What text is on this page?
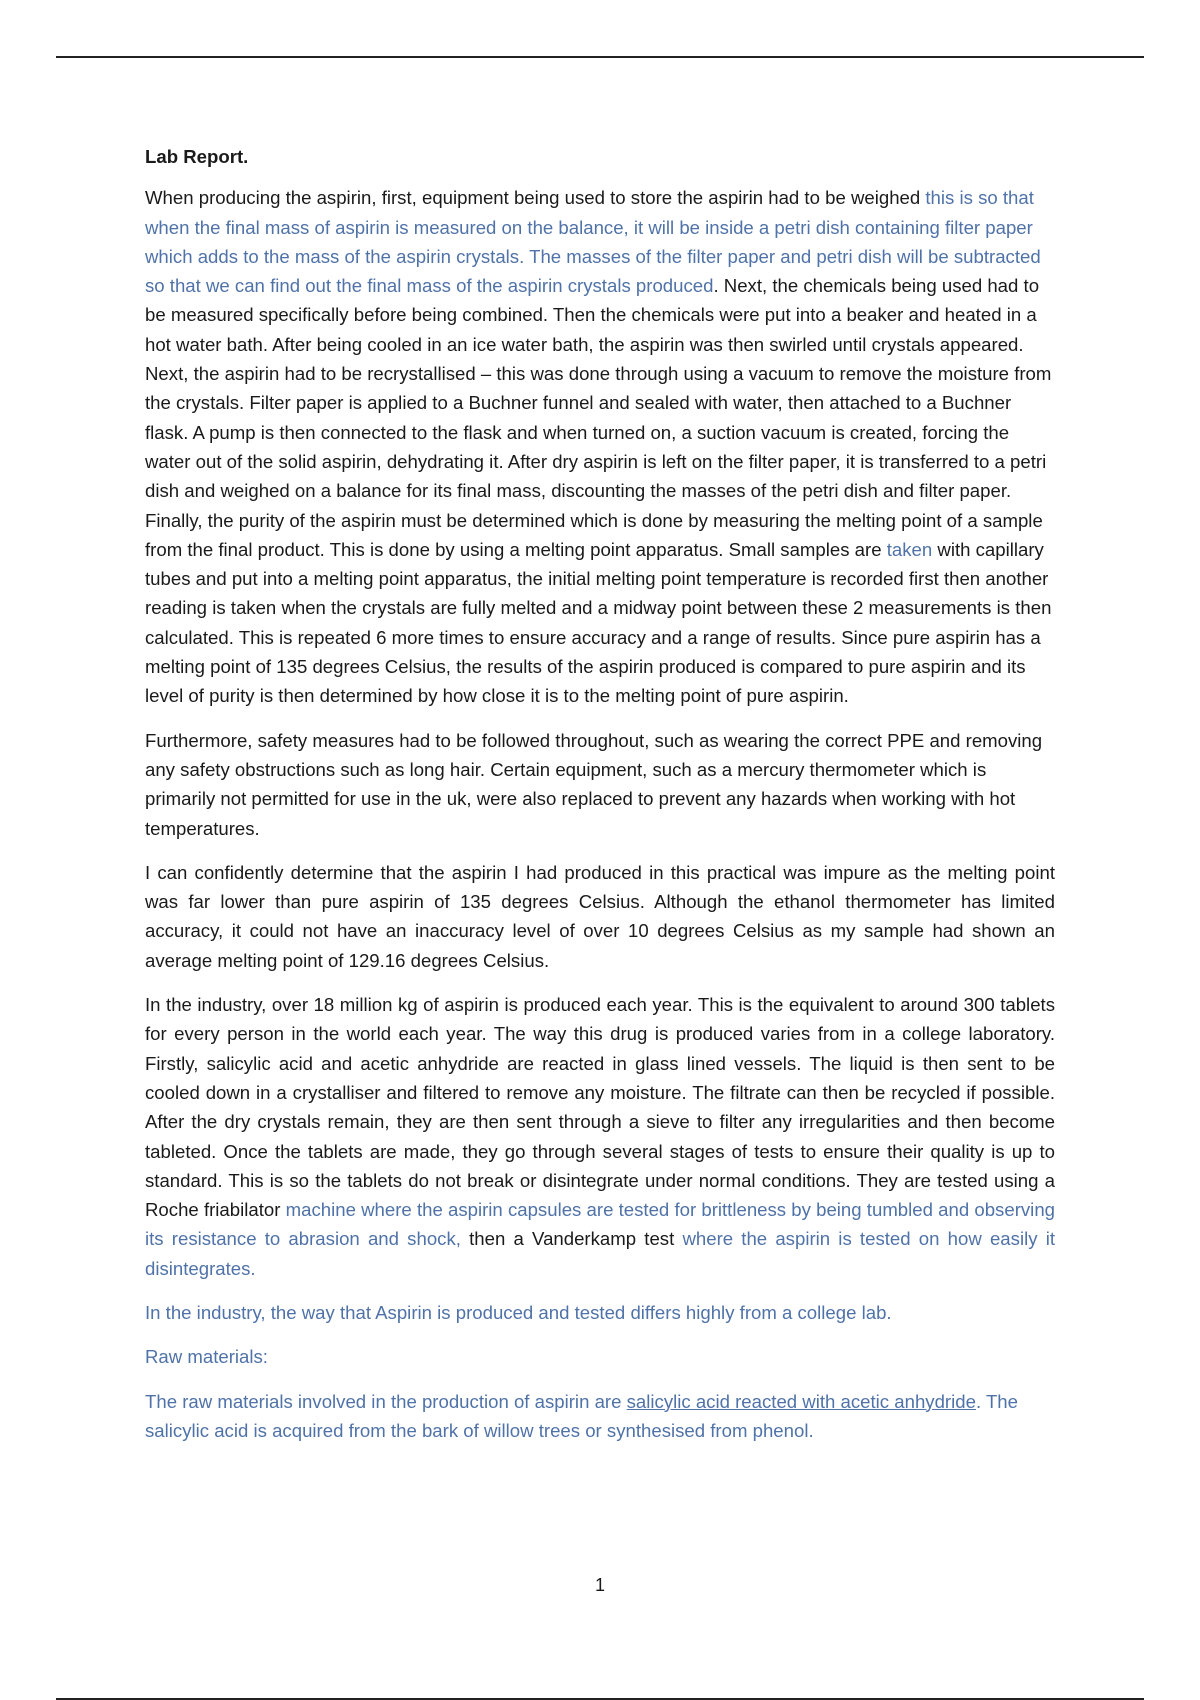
Lab Report.

When producing the aspirin, first, equipment being used to store the aspirin had to be weighed this is so that when the final mass of aspirin is measured on the balance, it will be inside a petri dish containing filter paper which adds to the mass of the aspirin crystals. The masses of the filter paper and petri dish will be subtracted so that we can find out the final mass of the aspirin crystals produced. Next, the chemicals being used had to be measured specifically before being combined. Then the chemicals were put into a beaker and heated in a hot water bath. After being cooled in an ice water bath, the aspirin was then swirled until crystals appeared. Next, the aspirin had to be recrystallised – this was done through using a vacuum to remove the moisture from the crystals. Filter paper is applied to a Buchner funnel and sealed with water, then attached to a Buchner flask. A pump is then connected to the flask and when turned on, a suction vacuum is created, forcing the water out of the solid aspirin, dehydrating it. After dry aspirin is left on the filter paper, it is transferred to a petri dish and weighed on a balance for its final mass, discounting the masses of the petri dish and filter paper. Finally, the purity of the aspirin must be determined which is done by measuring the melting point of a sample from the final product. This is done by using a melting point apparatus. Small samples are taken with capillary tubes and put into a melting point apparatus, the initial melting point temperature is recorded first then another reading is taken when the crystals are fully melted and a midway point between these 2 measurements is then calculated. This is repeated 6 more times to ensure accuracy and a range of results. Since pure aspirin has a melting point of 135 degrees Celsius, the results of the aspirin produced is compared to pure aspirin and its level of purity is then determined by how close it is to the melting point of pure aspirin.

Furthermore, safety measures had to be followed throughout, such as wearing the correct PPE and removing any safety obstructions such as long hair. Certain equipment, such as a mercury thermometer which is primarily not permitted for use in the uk, were also replaced to prevent any hazards when working with hot temperatures.

I can confidently determine that the aspirin I had produced in this practical was impure as the melting point was far lower than pure aspirin of 135 degrees Celsius. Although the ethanol thermometer has limited accuracy, it could not have an inaccuracy level of over 10 degrees Celsius as my sample had shown an average melting point of 129.16 degrees Celsius.

In the industry, over 18 million kg of aspirin is produced each year. This is the equivalent to around 300 tablets for every person in the world each year. The way this drug is produced varies from in a college laboratory. Firstly, salicylic acid and acetic anhydride are reacted in glass lined vessels. The liquid is then sent to be cooled down in a crystalliser and filtered to remove any moisture. The filtrate can then be recycled if possible. After the dry crystals remain, they are then sent through a sieve to filter any irregularities and then become tableted. Once the tablets are made, they go through several stages of tests to ensure their quality is up to standard. This is so the tablets do not break or disintegrate under normal conditions. They are tested using a Roche friabilator machine where the aspirin capsules are tested for brittleness by being tumbled and observing its resistance to abrasion and shock, then a Vanderkamp test where the aspirin is tested on how easily it disintegrates.

In the industry, the way that Aspirin is produced and tested differs highly from a college lab.

Raw materials:

The raw materials involved in the production of aspirin are salicylic acid reacted with acetic anhydride. The salicylic acid is acquired from the bark of willow trees or synthesised from phenol.

1
